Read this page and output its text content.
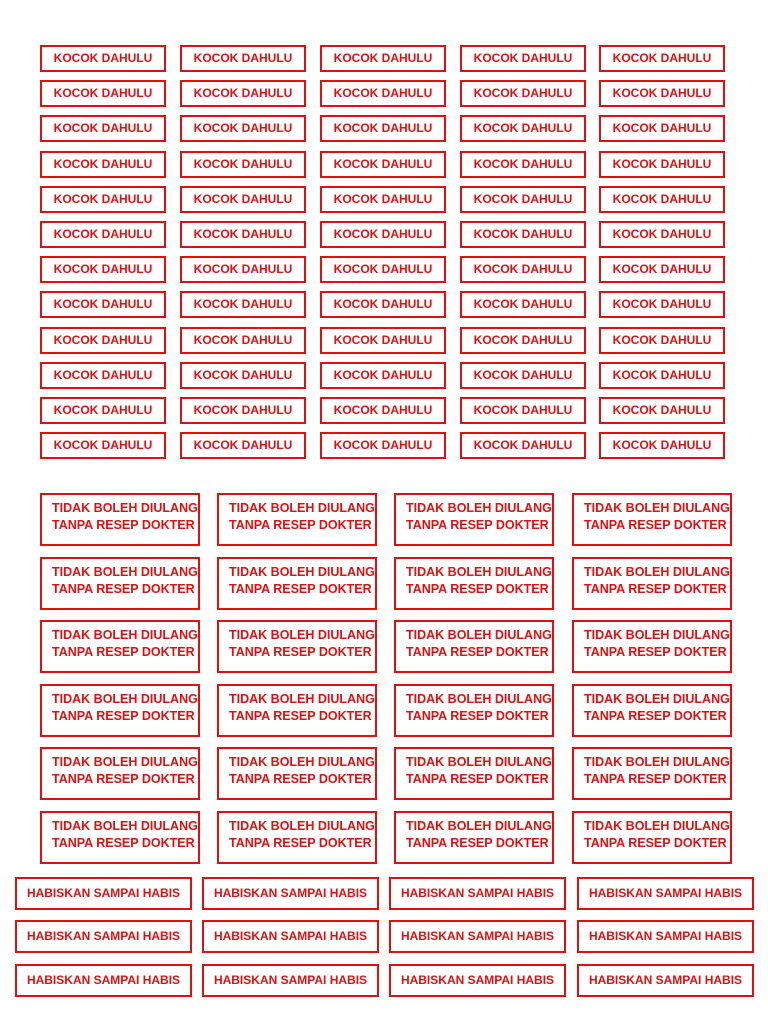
KOCOK DAHULU	KOCOK DAHULU	KOCOK DAHULU	KOCOK DAHULU	KOCOK DAHULU
KOCOK DAHULU	KOCOK DAHULU	KOCOK DAHULU	KOCOK DAHULU	KOCOK DAHULU
KOCOK DAHULU	KOCOK DAHULU	KOCOK DAHULU	KOCOK DAHULU	KOCOK DAHULU
KOCOK DAHULU	KOCOK DAHULU	KOCOK DAHULU	KOCOK DAHULU	KOCOK DAHULU
KOCOK DAHULU	KOCOK DAHULU	KOCOK DAHULU	KOCOK DAHULU	KOCOK DAHULU
KOCOK DAHULU	KOCOK DAHULU	KOCOK DAHULU	KOCOK DAHULU	KOCOK DAHULU
KOCOK DAHULU	KOCOK DAHULU	KOCOK DAHULU	KOCOK DAHULU	KOCOK DAHULU
KOCOK DAHULU	KOCOK DAHULU	KOCOK DAHULU	KOCOK DAHULU	KOCOK DAHULU
KOCOK DAHULU	KOCOK DAHULU	KOCOK DAHULU	KOCOK DAHULU	KOCOK DAHULU
KOCOK DAHULU	KOCOK DAHULU	KOCOK DAHULU	KOCOK DAHULU	KOCOK DAHULU
KOCOK DAHULU	KOCOK DAHULU	KOCOK DAHULU	KOCOK DAHULU	KOCOK DAHULU
KOCOK DAHULU	KOCOK DAHULU	KOCOK DAHULU	KOCOK DAHULU	KOCOK DAHULU
TIDAK BOLEH DIULANG
TANPA RESEP DOKTER
TIDAK BOLEH DIULANG
TANPA RESEP DOKTER
TIDAK BOLEH DIULANG
TANPA RESEP DOKTER
TIDAK BOLEH DIULANG
TANPA RESEP DOKTER
TIDAK BOLEH DIULANG
TANPA RESEP DOKTER
TIDAK BOLEH DIULANG
TANPA RESEP DOKTER
TIDAK BOLEH DIULANG
TANPA RESEP DOKTER
TIDAK BOLEH DIULANG
TANPA RESEP DOKTER
TIDAK BOLEH DIULANG
TANPA RESEP DOKTER
TIDAK BOLEH DIULANG
TANPA RESEP DOKTER
TIDAK BOLEH DIULANG
TANPA RESEP DOKTER
TIDAK BOLEH DIULANG
TANPA RESEP DOKTER
TIDAK BOLEH DIULANG
TANPA RESEP DOKTER
TIDAK BOLEH DIULANG
TANPA RESEP DOKTER
TIDAK BOLEH DIULANG
TANPA RESEP DOKTER
TIDAK BOLEH DIULANG
TANPA RESEP DOKTER
TIDAK BOLEH DIULANG
TANPA RESEP DOKTER
TIDAK BOLEH DIULANG
TANPA RESEP DOKTER
TIDAK BOLEH DIULANG
TANPA RESEP DOKTER
TIDAK BOLEH DIULANG
TANPA RESEP DOKTER
TIDAK BOLEH DIULANG
TANPA RESEP DOKTER
TIDAK BOLEH DIULANG
TANPA RESEP DOKTER
TIDAK BOLEH DIULANG
TANPA RESEP DOKTER
TIDAK BOLEH DIULANG
TANPA RESEP DOKTER
HABISKAN SAMPAI HABIS	HABISKAN SAMPAI HABIS	HABISKAN SAMPAI HABIS	HABISKAN SAMPAI HABIS
HABISKAN SAMPAI HABIS	HABISKAN SAMPAI HABIS	HABISKAN SAMPAI HABIS	HABISKAN SAMPAI HABIS
HABISKAN SAMPAI HABIS	HABISKAN SAMPAI HABIS	HABISKAN SAMPAI HABIS	HABISKAN SAMPAI HABIS
